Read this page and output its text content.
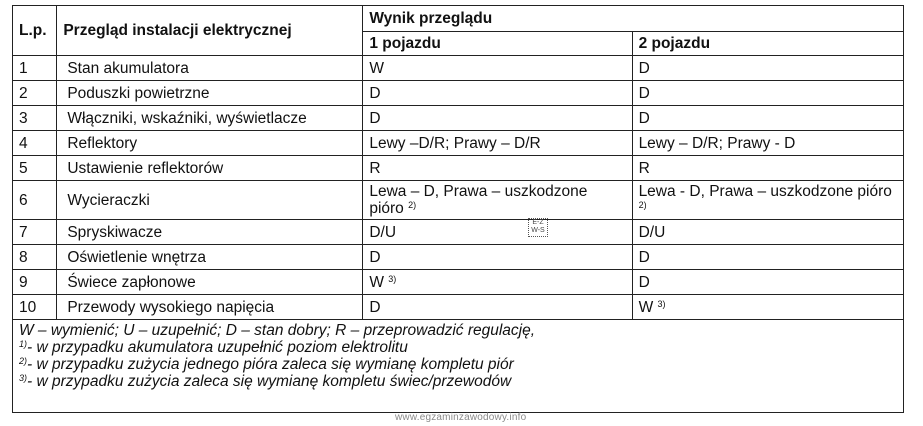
L.p.	Przegląd instalacji elektrycznej	Wynik przeglądu	
		1 pojazdu	2 pojazdu
1	Stan akumulatora	W	D
2	Poduszki powietrzne	D	D
3	Włączniki, wskaźniki, wyświetlacze	D	D
4	Reflektory	Lewy –D/R; Prawy – D/R	Lewy – D/R; Prawy - D
5	Ustawienie reflektorów	R	R
6	Wycieraczki	Lewa – D, Prawa – uszkodzone pióro $^{2)}$	Lewa - D, Prawa – uszkodzone pióro $^{2)}$
7	Spryskiwacze	D/U	D/U
8	Oświetlenie wnętrza	D	D
9	Świece zapłonowe	W $^{3)}$	D
10	Przewody wysokiego napięcia	D	W $^{3)}$

W – wymienić; U – uzupełnić; D – stan dobry; R – przeprowadzić regulację,
$^{1)}$- w przypadku akumulatora uzupełnić poziom elektrolitu
$^{2)}$- w przypadku zużycia jednego pióra zaleca się wymianę kompletu piór
$^{3)}$- w przypadku zużycia zaleca się wymianę kompletu świec/przewodów			
E-Z W-S
www.egzaminzawodowy.info
